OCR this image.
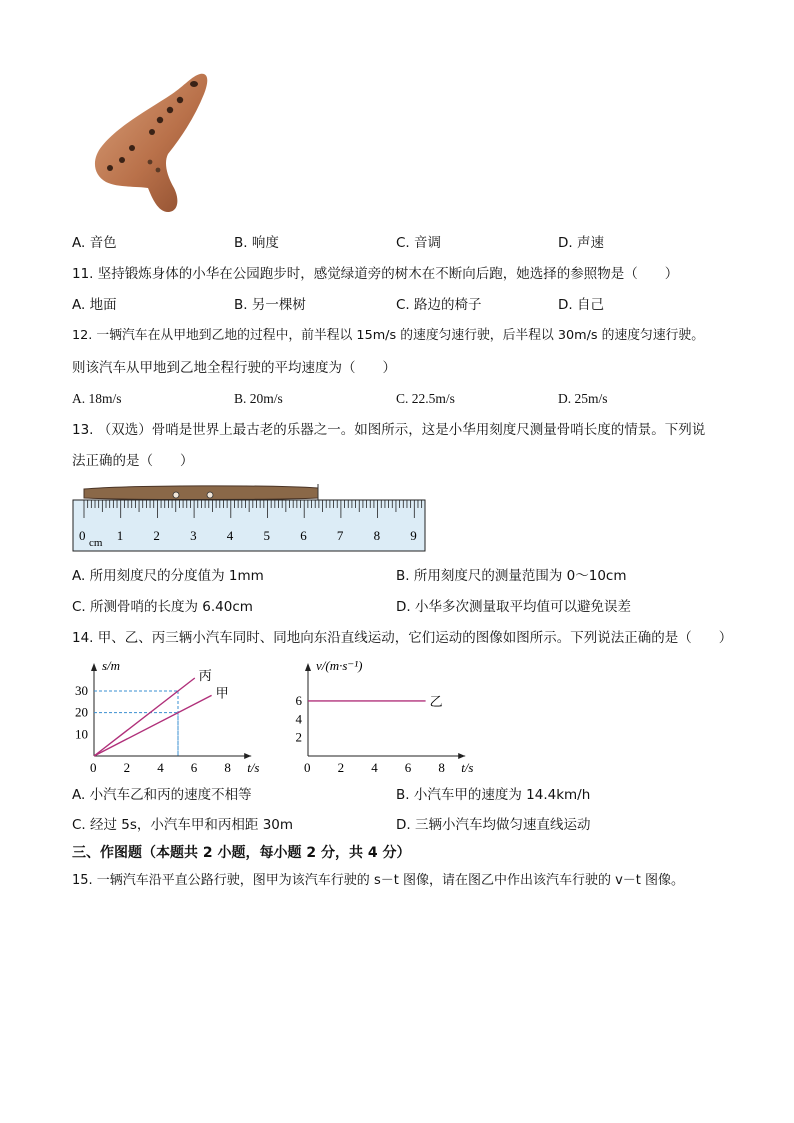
A. 音色	B. 响度	C. 音调	D. 声速
11. 坚持锻炼身体的小华在公园跑步时，感觉绿道旁的树木在不断向后跑，她选择的参照物是（　　）
A. 地面	B. 另一棵树	C. 路边的椅子	D. 自己
12. 一辆汽车在从甲地到乙地的过程中，前半程以 15m/s 的速度匀速行驶，后半程以 30m/s 的速度匀速行驶。
则该汽车从甲地到乙地全程行驶的平均速度为（　　）
A. 18m/s	B. 20m/s	C. 22.5m/s	D. 25m/s
13. （双选）骨哨是世界上最古老的乐器之一。如图所示，这是小华用刻度尺测量骨哨长度的情景。下列说
法正确的是（　　）
0 cm 1 2 3 4 5 6 7 8 9
A. 所用刻度尺的分度值为 1mm	B. 所用刻度尺的测量范围为 0～10cm
C. 所测骨哨的长度为 6.40cm	D. 小华多次测量取平均值可以避免误差
14. 甲、乙、丙三辆小汽车同时、同地向东沿直线运动，它们运动的图像如图所示。下列说法正确的是（　　）
s/m
t/s
0 2 4 6 8
10
20
30
丙
甲
v/(m·s⁻¹)
t/s
0 2 4 6 8
2
4
6	乙
A. 小汽车乙和丙的速度不相等	B. 小汽车甲的速度为 14.4km/h
C. 经过 5s，小汽车甲和丙相距 30m	D. 三辆小汽车均做匀速直线运动
三、作图题（本题共 2 小题，每小题 2 分，共 4 分）
15. 一辆汽车沿平直公路行驶，图甲为该汽车行驶的 s－t 图像，请在图乙中作出该汽车行驶的 v－t 图像。
